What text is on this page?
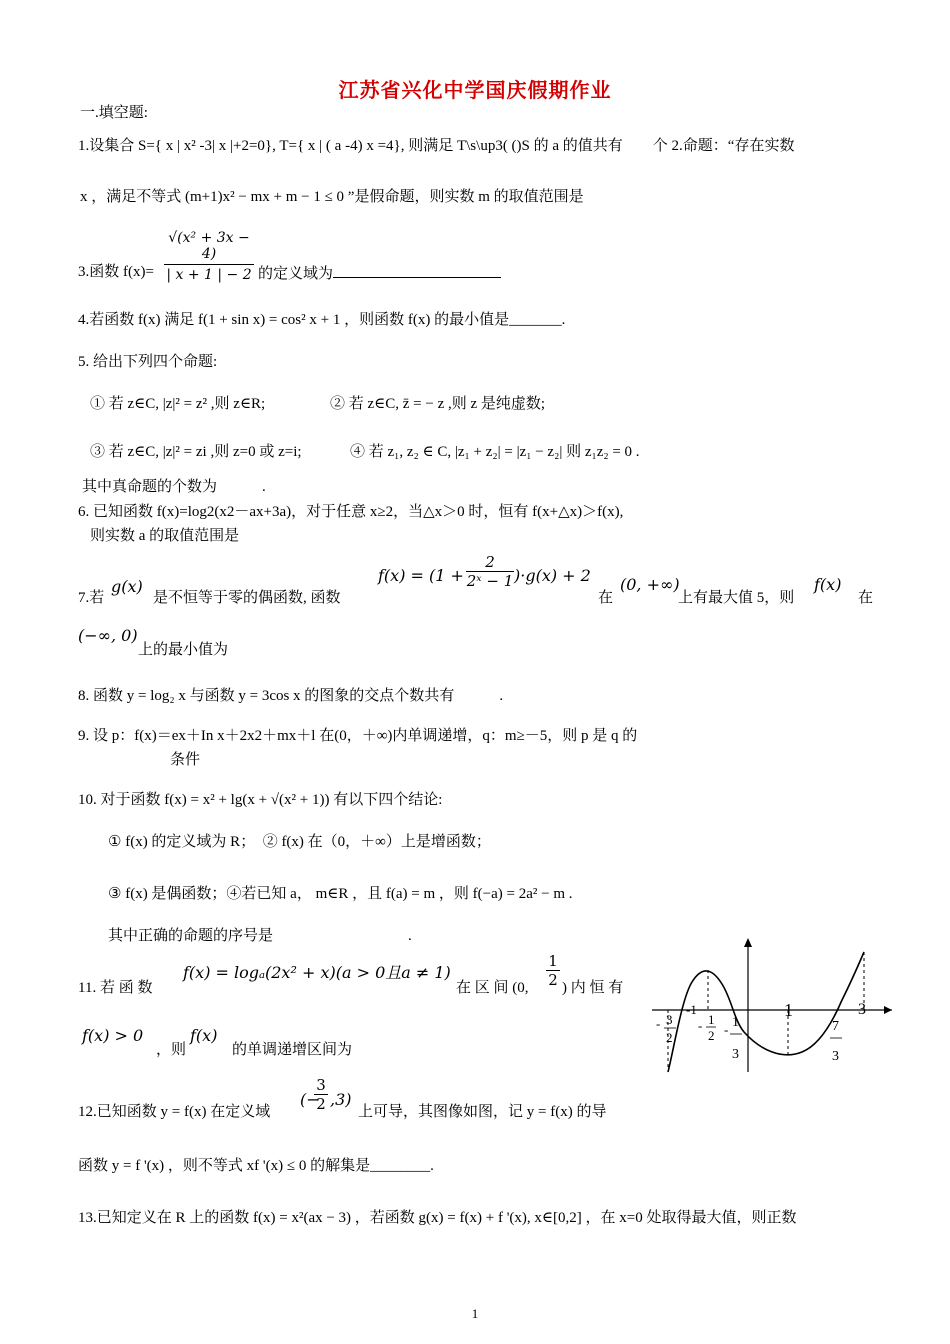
江苏省兴化中学国庆假期作业
一.填空题:
1.设集合 S={ x | x² -3| x |+2=0}, T={ x | ( a -4) x =4}, 则满足 T\s\up3( ()S 的 a 的值共有　　个 2.命题：“存在实数
x ，满足不等式 (m+1)x² − mx + m − 1 ≤ 0 ”是假命题，则实数 m 的取值范围是
3.函数 $f(x)= \frac{\text{√(x² + 3x − 4)}}{| x + 1 | - 2}$ 的定义域为
4.若函数 f(x) 满足 f(1 + sin x) = cos² x + 1 ，则函数 f(x) 的最小值是_______.
5. 给出下列四个命题:
① 若 z∈C, |z|² = z² ,则 z∈R;	② 若 z∈C, z̄ = − z ,则 z 是纯虚数;
③ 若 z∈C, |z|² = zi ,则 z=0 或 z=i;	④ 若 z₁, z₂ ∈ C, |z₁ + z₂| = |z₁ − z₂| 则 z₁z₂ = 0 .
其中真命题的个数为　　　.
6. 已知函数 f(x)=log2(x2－ax+3a)，对于任意 x≥2，当△x＞0 时，恒有 f(x+△x)＞f(x),
则实数 a 的取值范围是
7.若
g(x)
是不恒等于零的偶函数, 函数
$f(x) = (1 + \frac{2}{\text{2ˣ − 1}} )\cdot g(x) + 2$
在
(0, +∞)
上有最大值 5，则
f(x)
在
(−∞, 0)
上的最小值为
8. 函数 y = log₂ x 与函数 y = 3cos x 的图象的交点个数共有　　　.
9. 设 p：f(x)＝ex＋In x＋2x2＋mx＋l 在(0，＋∞)内单调递增，q：m≥－5，则 p 是 q 的
条件
10. 对于函数 f(x) = x² + lg(x + √(x² + 1)) 有以下四个结论:
① f(x) 的定义域为 R；　② f(x) 在（0，＋∞）上是增函数；
③ f(x) 是偶函数；④若已知 a， m∈R ，且 f(a) = m ，则 f(−a) = 2a² − m .
其中正确的命题的序号是　　　　　　　　　.
11. 若 函 数
f(x) = logₐ(2x² + x)(a > 0且a ≠ 1)
在 区 间 (0, $\frac{1}{2}$ ) 内 恒 有
f(x) > 0
，则
f(x)
的单调递增区间为
12.已知函数 y = f(x) 在定义域
(−
$\frac{3}{2} ,3$)
上可导，其图像如图，记 y = f(x) 的导
函数 y = f '(x) ，则不等式 xf '(x) ≤ 0 的解集是________.
13.已知定义在 R 上的函数 f(x) = x²(ax − 3) ，若函数 g(x) = f(x) + f '(x), x∈[0,2] ，在 x=0 处取得最大值，则正数
- 3
2
-1
- 1
2 - 1
3
1
7
3
3
1
